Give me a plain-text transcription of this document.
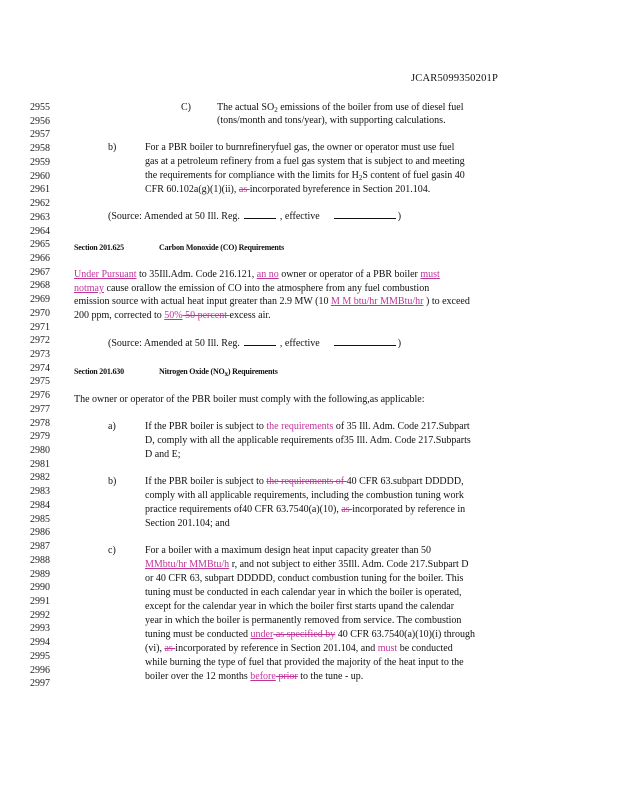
JCAR5099350201P
2955
2956
2957
2958
2959
2960
2961
2962
2963
2964
2965
2966
2967
2968
2969
2970
2971
2972
2973
2974
2975
2976
2977
2978
2979
2980
2981
2982
2983
2984
2985
2986
2987
2988
2989
2990
2991
2992
2993
2994
2995
2996
2997
C)	The actual $SO_2$ emissions of the boiler from use of diesel fuel
(tons/month and tons/year), with supporting calculations.
b)	For a PBR boiler to burnrefineryfuel gas, the owner or operator must use fuel
gas at a petroleum refinery from a fuel gas system that is subject to and meeting
the requirements for compliance with the limits for $H_2S$ content of fuel gasin 40
CFR 60.102a(g)(1)(ii), as incorporated byreference in Section 201.104.
(Source: Amended at 50 Ill. Reg.	, effective	)
Section 201.625	Carbon Monoxide (CO) Requirements
Under Pursuant to 35Ill.Adm. Code 216.121, an no owner or operator of a PBR boiler must
notmay cause orallow the emission of CO into the atmosphere from any fuel combustion
emission source with actual heat input greater than 2.9 MW (10 M M btu/hr MMBtu/hr ) to exceed
200 ppm, corrected to 50% 50 percent excess air.
(Source: Amended at 50 Ill. Reg.	, effective	)
Section 201.630	Nitrogen Oxide (NOx) Requirements
The owner or operator of the PBR boiler must comply with the following,as applicable:
a)	If the PBR boiler is subject to the requirements of 35 Ill. Adm. Code 217.Subpart
D, comply with all the applicable requirements of35 Ill. Adm. Code 217.Subparts
D and E;
b)	If the PBR boiler is subject to the requirements of 40 CFR 63.subpart DDDDD,
comply with all applicable requirements, including the combustion tuning work
practice requirements of40 CFR 63.7540(a)(10), as incorporated by reference in
Section 201.104; and
c)	For a boiler with a maximum design heat input capacity greater than 50
MMbtu/hr MMBtu/h r, and not subject to either 35Ill. Adm. Code 217.Subpart D
or 40 CFR 63, subpart DDDDD, conduct combustion tuning for the boiler. This
tuning must be conducted in each calendar year in which the boiler is operated,
except for the calendar year in which the boiler first starts upand the calendar
year in which the boiler is permanently removed from service. The combustion
tuning must be conducted under as specified by 40 CFR 63.7540(a)(10)(i) through
(vi), as incorporated by reference in Section 201.104, and must be conducted
while burning the type of fuel that provided the majority of the heat input to the
boiler over the 12 months before prior to the tune - up.
